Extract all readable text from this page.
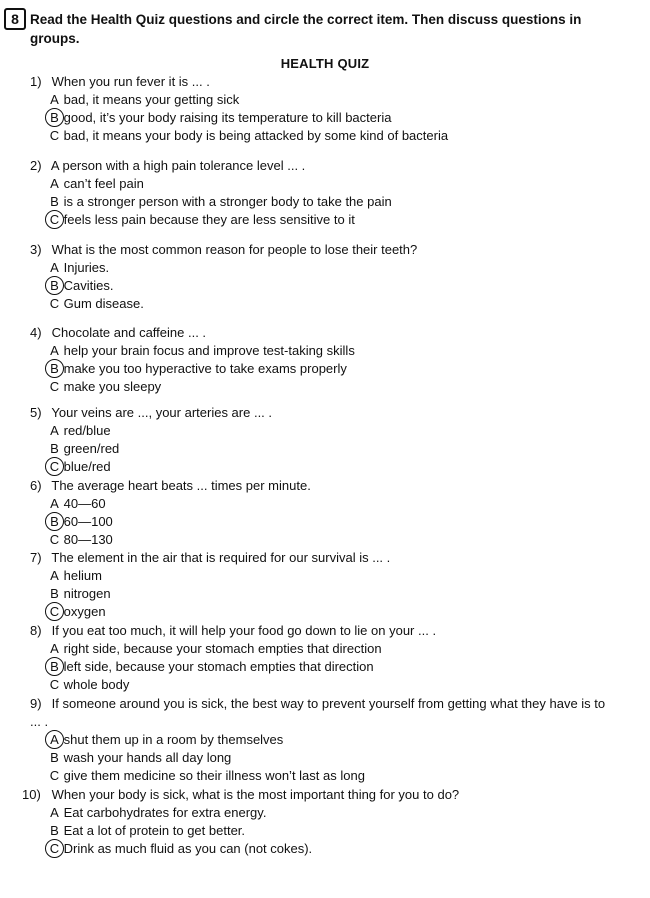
8 Read the Health Quiz questions and circle the correct item. Then discuss questions in groups.
HEALTH QUIZ
1) When you run fever it is ... .
A bad, it means your getting sick
B good, it’s your body raising its temperature to kill bacteria
C bad, it means your body is being attacked by some kind of bacteria
2) A person with a high pain tolerance level ... .
A can’t feel pain
B is a stronger person with a stronger body to take the pain
C feels less pain because they are less sensitive to it
3) What is the most common reason for people to lose their teeth?
A Injuries.
B Cavities.
C Gum disease.
4) Chocolate and caffeine ... .
A help your brain focus and improve test-taking skills
B make you too hyperactive to take exams properly
C make you sleepy
5) Your veins are ..., your arteries are ... .
A red/blue
B green/red
C blue/red
6) The average heart beats ... times per minute.
A 40—60
B 60—100
C 80—130
7) The element in the air that is required for our survival is ... .
A helium
B nitrogen
C oxygen
8) If you eat too much, it will help your food go down to lie on your ... .
A right side, because your stomach empties that direction
B left side, because your stomach empties that direction
C whole body
9) If someone around you is sick, the best way to prevent yourself from getting what they have is to ... .
A shut them up in a room by themselves
B wash your hands all day long
C give them medicine so their illness won’t last as long
10) When your body is sick, what is the most important thing for you to do?
A Eat carbohydrates for extra energy.
B Eat a lot of protein to get better.
C Drink as much fluid as you can (not cokes).
